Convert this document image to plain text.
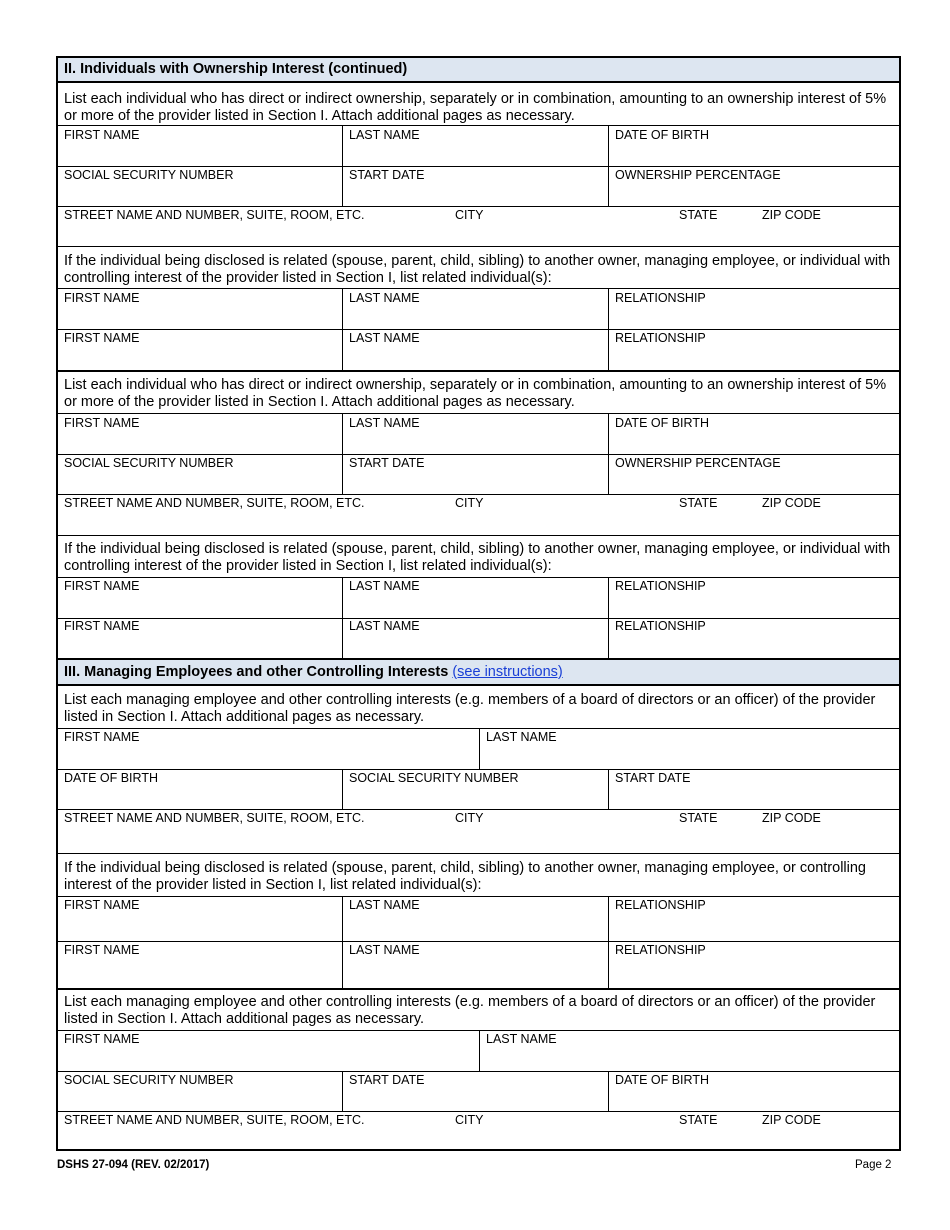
II. Individuals with Ownership Interest (continued)
List each individual who has direct or indirect ownership, separately or in combination, amounting to an ownership interest of 5% or more of the provider listed in Section I. Attach additional pages as necessary.
FIRST NAME	LAST NAME	DATE OF BIRTH
SOCIAL SECURITY NUMBER	START DATE	OWNERSHIP PERCENTAGE
STREET NAME AND NUMBER, SUITE, ROOM, ETC.	CITY	STATE	ZIP CODE
If the individual being disclosed is related (spouse, parent, child, sibling) to another owner, managing employee, or individual with controlling interest of the provider listed in Section I, list related individual(s):
FIRST NAME	LAST NAME	RELATIONSHIP
FIRST NAME	LAST NAME	RELATIONSHIP
List each individual who has direct or indirect ownership, separately or in combination, amounting to an ownership interest of 5% or more of the provider listed in Section I. Attach additional pages as necessary.
FIRST NAME	LAST NAME	DATE OF BIRTH
SOCIAL SECURITY NUMBER	START DATE	OWNERSHIP PERCENTAGE
STREET NAME AND NUMBER, SUITE, ROOM, ETC.	CITY	STATE	ZIP CODE
If the individual being disclosed is related (spouse, parent, child, sibling) to another owner, managing employee, or individual with controlling interest of the provider listed in Section I, list related individual(s):
FIRST NAME	LAST NAME	RELATIONSHIP
FIRST NAME	LAST NAME	RELATIONSHIP
III. Managing Employees and other Controlling Interests (see instructions)
List each managing employee and other controlling interests (e.g. members of a board of directors or an officer) of the provider listed in Section I. Attach additional pages as necessary.
FIRST NAME	LAST NAME
DATE OF BIRTH	SOCIAL SECURITY NUMBER	START DATE
STREET NAME AND NUMBER, SUITE, ROOM, ETC.	CITY	STATE	ZIP CODE
If the individual being disclosed is related (spouse, parent, child, sibling) to another owner, managing employee, or controlling interest of the provider listed in Section I, list related individual(s):
FIRST NAME	LAST NAME	RELATIONSHIP
FIRST NAME	LAST NAME	RELATIONSHIP
List each managing employee and other controlling interests (e.g. members of a board of directors or an officer) of the provider listed in Section I. Attach additional pages as necessary.
FIRST NAME	LAST NAME
SOCIAL SECURITY NUMBER	START DATE	DATE OF BIRTH
STREET NAME AND NUMBER, SUITE, ROOM, ETC.	CITY	STATE	ZIP CODE
DSHS 27-094 (REV. 02/2017)	Page 2
